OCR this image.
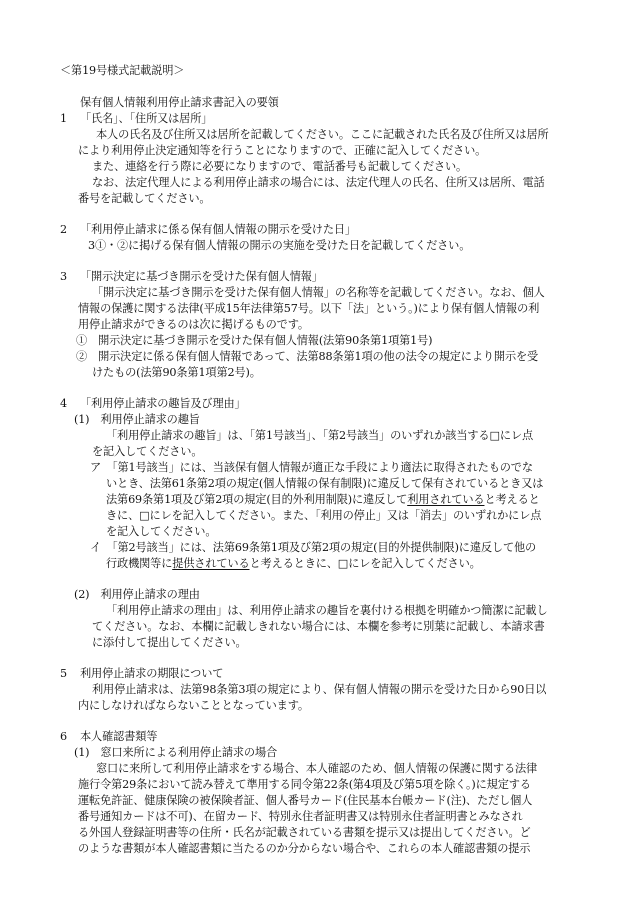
＜第19号様式記載説明＞
保有個人情報利用停止請求書記入の要領
1 「氏名」、「住所又は居所」
本人の氏名及び住所又は居所を記載してください。ここに記載された氏名及び住所又は居所
により利用停止決定通知等を行うことになりますので、正確に記入してください。
また、連絡を行う際に必要になりますので、電話番号も記載してください。
なお、法定代理人による利用停止請求の場合には、法定代理人の氏名、住所又は居所、電話
番号を記載してください。
2 「利用停止請求に係る保有個人情報の開示を受けた日」
3①・②に掲げる保有個人情報の開示の実施を受けた日を記載してください。
3 「開示決定に基づき開示を受けた保有個人情報」
「開示決定に基づき開示を受けた保有個人情報」の名称等を記載してください。なお、個人
情報の保護に関する法律(平成15年法律第57号。以下「法」という。)により保有個人情報の利
用停止請求ができるのは次に掲げるものです。
①　開示決定に基づき開示を受けた保有個人情報(法第90条第1項第1号)
②　開示決定に係る保有個人情報であって、法第88条第1項の他の法令の規定により開示を受
けたもの(法第90条第1項第2号)。
4 「利用停止請求の趣旨及び理由」
(1)　利用停止請求の趣旨
「利用停止請求の趣旨」は、「第1号該当」、「第2号該当」のいずれか該当する□にレ点
を記入してください。
ア　「第1号該当」には、当該保有個人情報が適正な手段により適法に取得されたものでな
いとき、法第61条第2項の規定(個人情報の保有制限)に違反して保有されているとき又は
法第69条第1項及び第2項の規定(目的外利用制限)に違反して利用されていると考えると
きに、□にレを記入してください。また、「利用の停止」又は「消去」のいずれかにレ点
を記入してください。
イ　「第2号該当」には、法第69条第1項及び第2項の規定(目的外提供制限)に違反して他の
行政機関等に提供されていると考えるときに、□にレを記入してください。
(2)　利用停止請求の理由
「利用停止請求の理由」は、利用停止請求の趣旨を裏付ける根拠を明確かつ簡潔に記載し
てください。なお、本欄に記載しきれない場合には、本欄を参考に別葉に記載し、本請求書
に添付して提出してください。
5 利用停止請求の期限について
利用停止請求は、法第98条第3項の規定により、保有個人情報の開示を受けた日から90日以
内にしなければならないこととなっています。
6 本人確認書類等
(1)　窓口来所による利用停止請求の場合
窓口に来所して利用停止請求をする場合、本人確認のため、個人情報の保護に関する法律
施行令第29条において読み替えて準用する同令第22条(第4項及び第5項を除く。)に規定する
運転免許証、健康保険の被保険者証、個人番号カード(住民基本台帳カード(注)、ただし個人
番号通知カードは不可)、在留カード、特別永住者証明書又は特別永住者証明書とみなされ
る外国人登録証明書等の住所・氏名が記載されている書類を提示又は提出してください。ど
のような書類が本人確認書類に当たるのか分からない場合や、これらの本人確認書類の提示
